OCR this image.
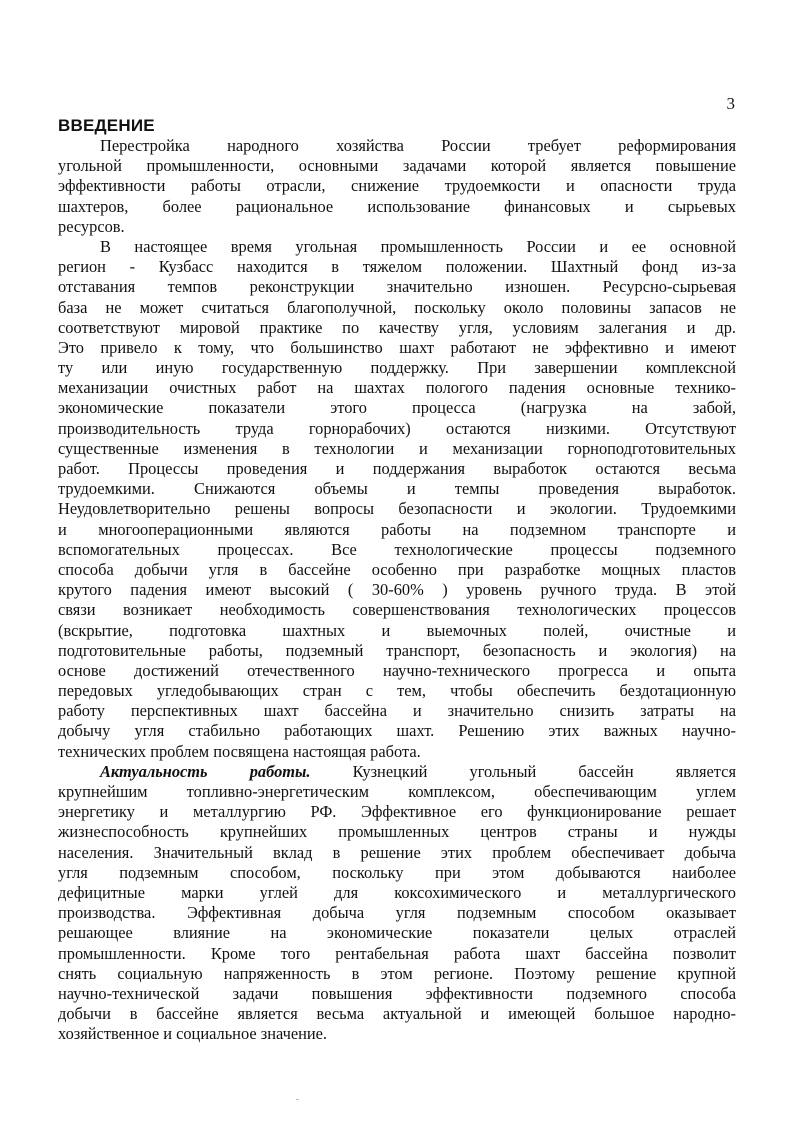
3
ВВЕДЕНИЕ
Перестройка народного хозяйства России требует реформирования
угольной промышленности, основными задачами которой является повышение
эффективности работы отрасли, снижение трудоемкости и опасности труда
шахтеров, более рациональное использование финансовых и сырьевых
ресурсов.
В настоящее время угольная промышленность России и ее основной
регион - Кузбасс находится в тяжелом положении. Шахтный фонд из-за
отставания темпов реконструкции значительно изношен. Ресурсно-сырьевая
база не может считаться благополучной, поскольку около половины запасов не
соответствуют мировой практике по качеству угля, условиям залегания и др.
Это привело к тому, что большинство шахт работают не эффективно и имеют
ту или иную государственную поддержку. При завершении комплексной
механизации очистных работ на шахтах пологого падения основные технико-
экономические показатели этого процесса (нагрузка на забой,
производительность труда горнорабочих) остаются низкими. Отсутствуют
существенные изменения в технологии и механизации горноподготовительных
работ. Процессы проведения и поддержания выработок остаются весьма
трудоемкими. Снижаются объемы и темпы проведения выработок.
Неудовлетворительно решены вопросы безопасности и экологии. Трудоемкими
и многооперационными являются работы на подземном транспорте и
вспомогательных процессах. Все технологические процессы подземного
способа добычи угля в бассейне особенно при разработке мощных пластов
крутого падения имеют высокий ( 30-60% ) уровень ручного труда. В этой
связи возникает необходимость совершенствования технологических процессов
(вскрытие, подготовка шахтных и выемочных полей, очистные и
подготовительные работы, подземный транспорт, безопасность и экология) на
основе достижений отечественного научно-технического прогресса и опыта
передовых угледобывающих стран с тем, чтобы обеспечить бездотационную
работу перспективных шахт бассейна и значительно снизить затраты на
добычу угля стабильно работающих шахт. Решению этих важных научно-
технических проблем посвящена настоящая работа.
Актуальность работы.	Кузнецкий угольный бассейн является
крупнейшим топливно-энергетическим комплексом, обеспечивающим углем
энергетику и металлургию РФ. Эффективное его функционирование решает
жизнеспособность крупнейших промышленных центров страны и нужды
населения. Значительный вклад в решение этих проблем обеспечивает добыча
угля подземным способом, поскольку при этом добываются наиболее
дефицитные марки углей для коксохимического и металлургического
производства. Эффективная добыча угля подземным способом оказывает
решающее влияние на экономические показатели целых отраслей
промышленности. Кроме того рентабельная работа шахт бассейна позволит
снять социальную напряженность в этом регионе. Поэтому решение крупной
научно-технической задачи повышения эффективности подземного способа
добычи в бассейне является весьма актуальной и имеющей большое народно-
хозяйственное и социальное значение.
